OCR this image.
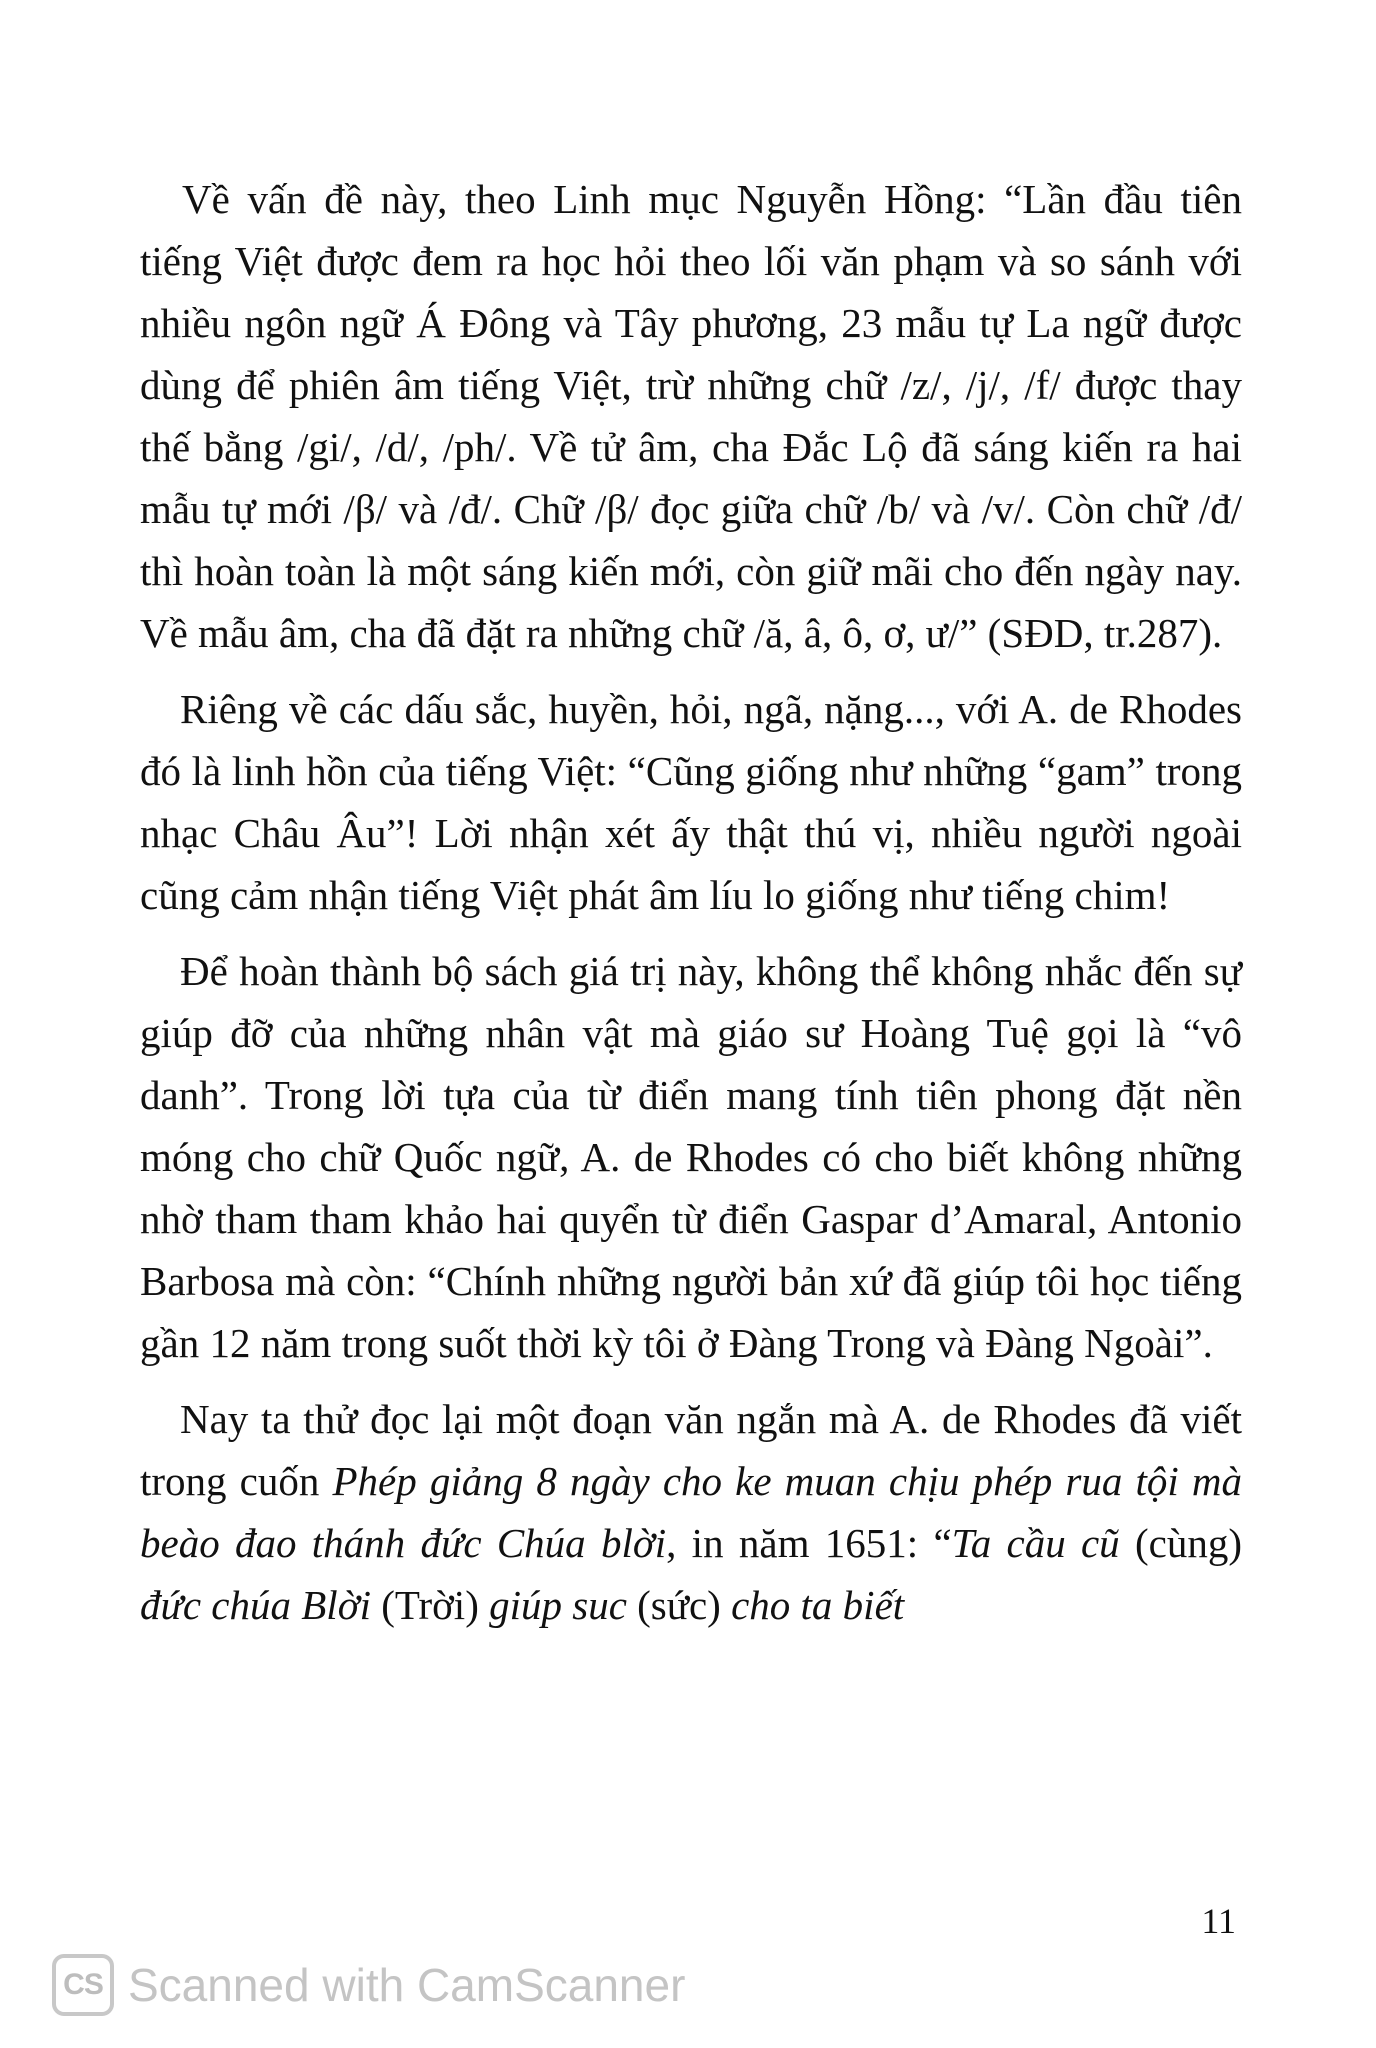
Về vấn đề này, theo Linh mục Nguyễn Hồng: “Lần đầu tiên tiếng Việt được đem ra học hỏi theo lối văn phạm và so sánh với nhiều ngôn ngữ Á Đông và Tây phương, 23 mẫu tự La ngữ được dùng để phiên âm tiếng Việt, trừ những chữ /z/, /j/, /f/ được thay thế bằng /gi/, /d/, /ph/. Về tử âm, cha Đắc Lộ đã sáng kiến ra hai mẫu tự mới /β/ và /đ/. Chữ /β/ đọc giữa chữ /b/ và /v/. Còn chữ /đ/ thì hoàn toàn là một sáng kiến mới, còn giữ mãi cho đến ngày nay. Về mẫu âm, cha đã đặt ra những chữ /ă, â, ô, ơ, ư/” (SĐD, tr.287).

Riêng về các dấu sắc, huyền, hỏi, ngã, nặng..., với A. de Rhodes đó là linh hồn của tiếng Việt: “Cũng giống như những “gam” trong nhạc Châu Âu”! Lời nhận xét ấy thật thú vị, nhiều người ngoài cũng cảm nhận tiếng Việt phát âm líu lo giống như tiếng chim!

Để hoàn thành bộ sách giá trị này, không thể không nhắc đến sự giúp đỡ của những nhân vật mà giáo sư Hoàng Tuệ gọi là “vô danh”. Trong lời tựa của từ điển mang tính tiên phong đặt nền móng cho chữ Quốc ngữ, A. de Rhodes có cho biết không những nhờ tham tham khảo hai quyển từ điển Gaspar d’Amaral, Antonio Barbosa mà còn: “Chính những người bản xứ đã giúp tôi học tiếng gần 12 năm trong suốt thời kỳ tôi ở Đàng Trong và Đàng Ngoài”.

Nay ta thử đọc lại một đoạn văn ngắn mà A. de Rhodes đã viết trong cuốn Phép giảng 8 ngày cho ke muan chịu phép rua tội mà beào đao thánh đức Chúa blời, in năm 1651: “Ta cầu cũ (cùng) đức chúa Blời (Trời) giúp suc (sức) cho ta biết

11
CS Scanned with CamScanner
